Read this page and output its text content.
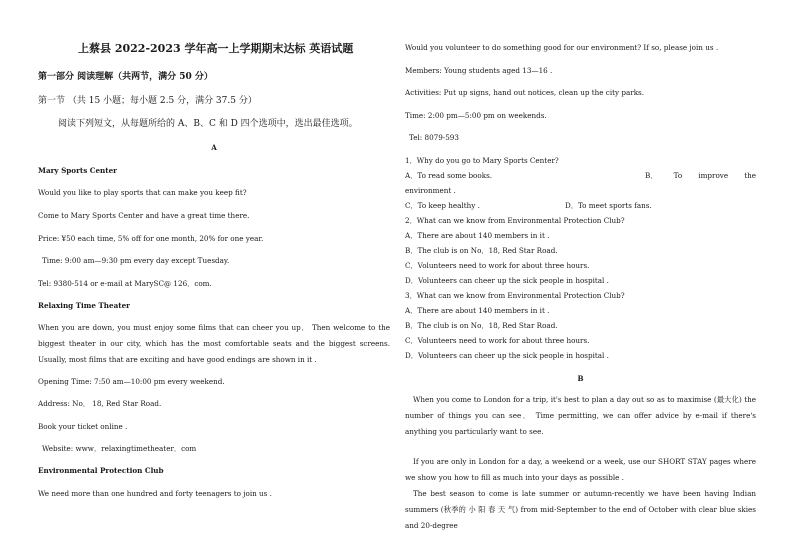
上蔡县 2022-2023 学年高一上学期期末达标 英语试题
第一部分 阅读理解（共两节，满分 50 分）
第一节 （共 15 小题；每小题 2.5 分，满分 37.5 分）
阅读下列短文，从每题所给的 A、B、C 和 D 四个选项中，选出最佳选项。
A
Mary Sports Center
Would you like to play sports that can make you keep fit?
Come to Mary Sports Center and have a great time there.
Price: ¥50 each time, 5% off for one month, 20% for one year.
Time: 9:00 am—9:30 pm every day except Tuesday.
Tel: 9380-514 or e-mail at MarySC@ 126．com.
Relaxing Time Theater
When you are down, you must enjoy some films that can cheer you up． Then welcome to the biggest theater in our city, which has the most comfortable seats and the biggest screens. Usually, most films that are exciting and have good endings are shown in it .
Opening Time: 7:50 am—10:00 pm every weekend.
Address: No． 18, Red Star Road.
Book your ticket online .
Website: www．relaxingtimetheater．com
Environmental Protection Club
We need more than one hundred and forty teenagers to join us .
Would you volunteer to do something good for our environment? If so, please join us .
Members: Young students aged 13—16 .
Activities: Put up signs, hand out notices, clean up the city parks.
Time: 2:00 pm—5:00 pm on weekends.
Tel: 8079-593
1．Why do you go to Mary Sports Center?
A．To read some books.	B． To improve the
environment .
C．To keep healthy .	D．To meet sports fans.
2．What can we know from Environmental Protection Club?
A．There are about 140 members in it .
B．The club is on No．18, Red Star Road.
C．Volunteers need to work for about three hours.
D．Volunteers can cheer up the sick people in hospital .
3．What can we know from Environmental Protection Club?
A．There are about 140 members in it .
B．The club is on No．18, Red Star Road.
C．Volunteers need to work for about three hours.
D．Volunteers can cheer up the sick people in hospital .
B
When you come to London for a trip, it's best to plan a day out so as to maximise (最大化) the number of things you can see． Time permitting, we can offer advice by e-mail if there's anything you particularly want to see.
If you are only in London for a day, a weekend or a week, use our SHORT STAY pages where we show you how to fill as much into your days as possible .
The best season to come is late summer or autumn-recently we have been having Indian summers (秋季的 小 阳 春 天 气) from mid-September to the end of October with clear blue skies and 20-degree
